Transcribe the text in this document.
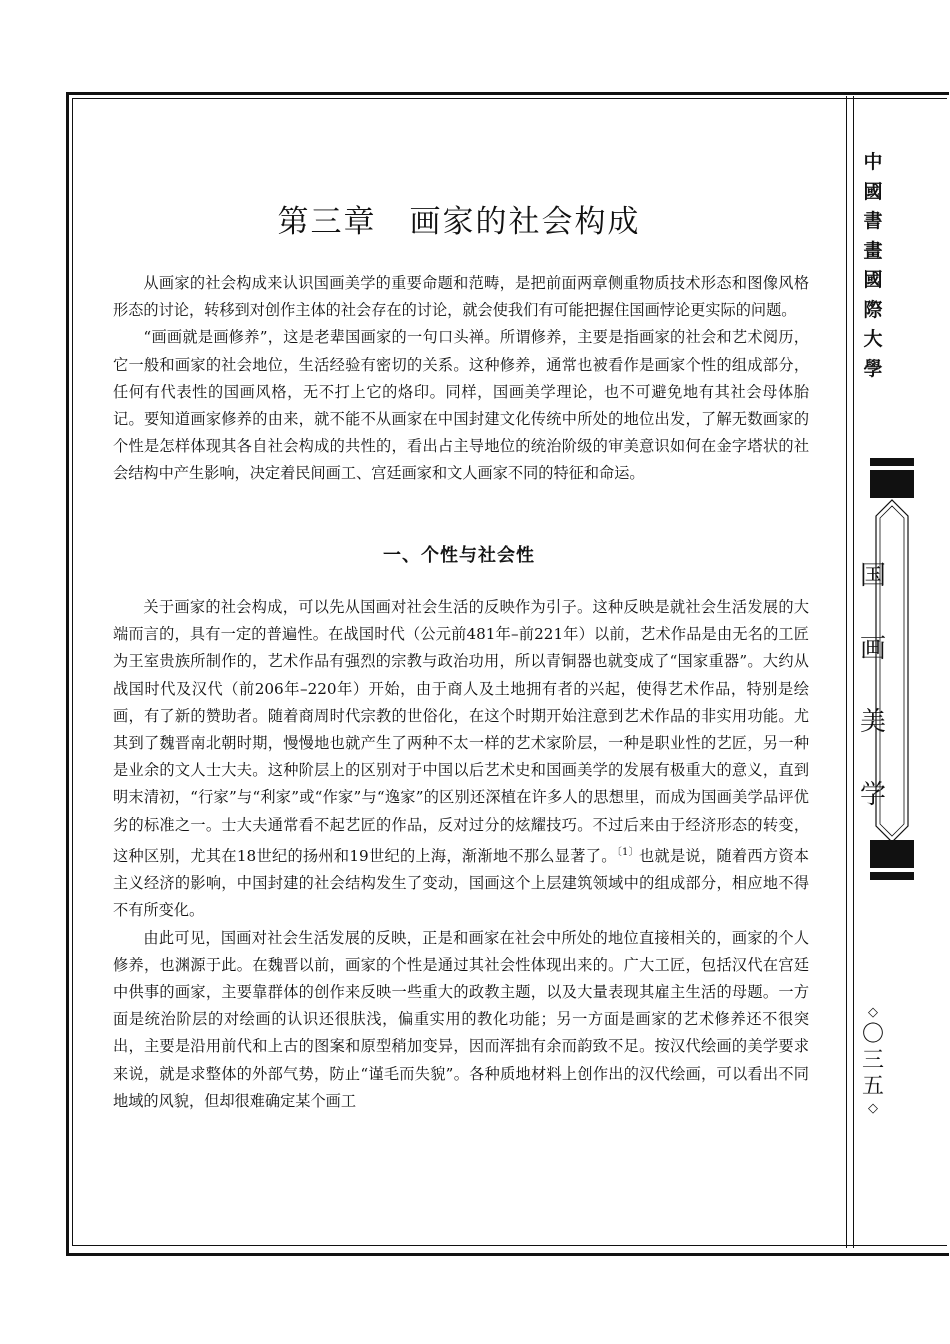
第三章　画家的社会构成

从画家的社会构成来认识国画美学的重要命题和范畴，是把前面两章侧重物质技术形态和图像风格形态的讨论，转移到对创作主体的社会存在的讨论，就会使我们有可能把握住国画悖论更实际的问题。

“画画就是画修养”，这是老辈国画家的一句口头禅。所谓修养，主要是指画家的社会和艺术阅历，它一般和画家的社会地位，生活经验有密切的关系。这种修养，通常也被看作是画家个性的组成部分，任何有代表性的国画风格，无不打上它的烙印。同样，国画美学理论，也不可避免地有其社会母体胎记。要知道画家修养的由来，就不能不从画家在中国封建文化传统中所处的地位出发，了解无数画家的个性是怎样体现其各自社会构成的共性的，看出占主导地位的统治阶级的审美意识如何在金字塔状的社会结构中产生影响，决定着民间画工、宫廷画家和文人画家不同的特征和命运。

一、个性与社会性

关于画家的社会构成，可以先从国画对社会生活的反映作为引子。这种反映是就社会生活发展的大端而言的，具有一定的普遍性。在战国时代（公元前481年–前221年）以前，艺术作品是由无名的工匠为王室贵族所制作的，艺术作品有强烈的宗教与政治功用，所以青铜器也就变成了“国家重器”。大约从战国时代及汉代（前206年–220年）开始，由于商人及土地拥有者的兴起，使得艺术作品，特别是绘画，有了新的赞助者。随着商周时代宗教的世俗化，在这个时期开始注意到艺术作品的非实用功能。尤其到了魏晋南北朝时期，慢慢地也就产生了两种不太一样的艺术家阶层，一种是职业性的艺匠，另一种是业余的文人士大夫。这种阶层上的区别对于中国以后艺术史和国画美学的发展有极重大的意义，直到明末清初，“行家”与“利家”或“作家”与“逸家”的区别还深植在许多人的思想里，而成为国画美学品评优劣的标准之一。士大夫通常看不起艺匠的作品，反对过分的炫耀技巧。不过后来由于经济形态的转变，这种区别，尤其在18世纪的扬州和19世纪的上海，渐渐地不那么显著了。$^{〔1〕}$也就是说，随着西方资本主义经济的影响，中国封建的社会结构发生了变动，国画这个上层建筑领域中的组成部分，相应地不得不有所变化。

由此可见，国画对社会生活发展的反映，正是和画家在社会中所处的地位直接相关的，画家的个人修养，也渊源于此。在魏晋以前，画家的个性是通过其社会性体现出来的。广大工匠，包括汉代在宫廷中供事的画家，主要靠群体的创作来反映一些重大的政教主题，以及大量表现其雇主生活的母题。一方面是统治阶层的对绘画的认识还很肤浅，偏重实用的教化功能；另一方面是画家的艺术修养还不很突出，主要是沿用前代和上古的图案和原型稍加变异，因而浑拙有余而韵致不足。按汉代绘画的美学要求来说，就是求整体的外部气势，防止“谨毛而失貌”。各种质地材料上创作出的汉代绘画，可以看出不同地域的风貌，但却很难确定某个画工

中
國
書
畫
國
際
大
學
国
画
美
学
◇
〇
三
五
◇
